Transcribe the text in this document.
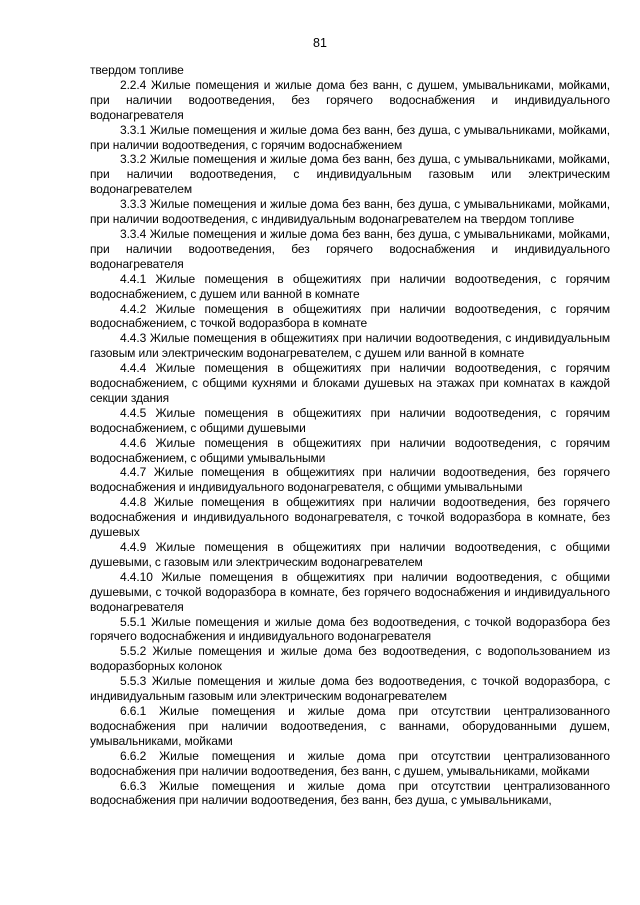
81

твердом топливе

2.2.4 Жилые помещения и жилые дома без ванн, с душем, умывальниками, мойками, при наличии водоотведения, без горячего водоснабжения и индивидуального водонагревателя

3.3.1 Жилые помещения и жилые дома без ванн, без душа, с умывальниками, мойками, при наличии водоотведения, с горячим водоснабжением

3.3.2 Жилые помещения и жилые дома без ванн, без душа, с умывальниками, мойками, при наличии водоотведения, с индивидуальным газовым или электрическим водонагревателем

3.3.3 Жилые помещения и жилые дома без ванн, без душа, с умывальниками, мойками, при наличии водоотведения, с индивидуальным водонагревателем на твердом топливе

3.3.4 Жилые помещения и жилые дома без ванн, без душа, с умывальниками, мойками, при наличии водоотведения, без горячего водоснабжения и индивидуального водонагревателя

4.4.1 Жилые помещения в общежитиях при наличии водоотведения, с горячим водоснабжением, с душем или ванной в комнате

4.4.2 Жилые помещения в общежитиях при наличии водоотведения, с горячим водоснабжением, с точкой водоразбора в комнате

4.4.3 Жилые помещения в общежитиях при наличии водоотведения, с индивидуальным газовым или электрическим водонагревателем, с душем или ванной в комнате

4.4.4 Жилые помещения в общежитиях при наличии водоотведения, с горячим водоснабжением, с общими кухнями и блоками душевых на этажах при комнатах в каждой секции здания

4.4.5 Жилые помещения в общежитиях при наличии водоотведения, с горячим водоснабжением, с общими душевыми

4.4.6 Жилые помещения в общежитиях при наличии водоотведения, с горячим водоснабжением, с общими умывальными

4.4.7 Жилые помещения в общежитиях при наличии водоотведения, без горячего водоснабжения и индивидуального водонагревателя, с общими умывальными

4.4.8 Жилые помещения в общежитиях при наличии водоотведения, без горячего водоснабжения и индивидуального водонагревателя, с точкой водоразбора в комнате, без душевых

4.4.9 Жилые помещения в общежитиях при наличии водоотведения, с общими душевыми, с газовым или электрическим водонагревателем

4.4.10 Жилые помещения в общежитиях при наличии водоотведения, с общими душевыми, с точкой водоразбора в комнате, без горячего водоснабжения и индивидуального водонагревателя

5.5.1 Жилые помещения и жилые дома без водоотведения, с точкой водоразбора без горячего водоснабжения и индивидуального водонагревателя

5.5.2 Жилые помещения и жилые дома без водоотведения, с водопользованием из водоразборных колонок

5.5.3 Жилые помещения и жилые дома без водоотведения, с точкой водоразбора, с индивидуальным газовым или электрическим водонагревателем

6.6.1 Жилые помещения и жилые дома при отсутствии централизованного водоснабжения при наличии водоотведения, с ваннами, оборудованными душем, умывальниками, мойками

6.6.2 Жилые помещения и жилые дома при отсутствии централизованного водоснабжения при наличии водоотведения, без ванн, с душем, умывальниками, мойками

6.6.3 Жилые помещения и жилые дома при отсутствии централизованного водоснабжения при наличии водоотведения, без ванн, без душа, с умывальниками,
